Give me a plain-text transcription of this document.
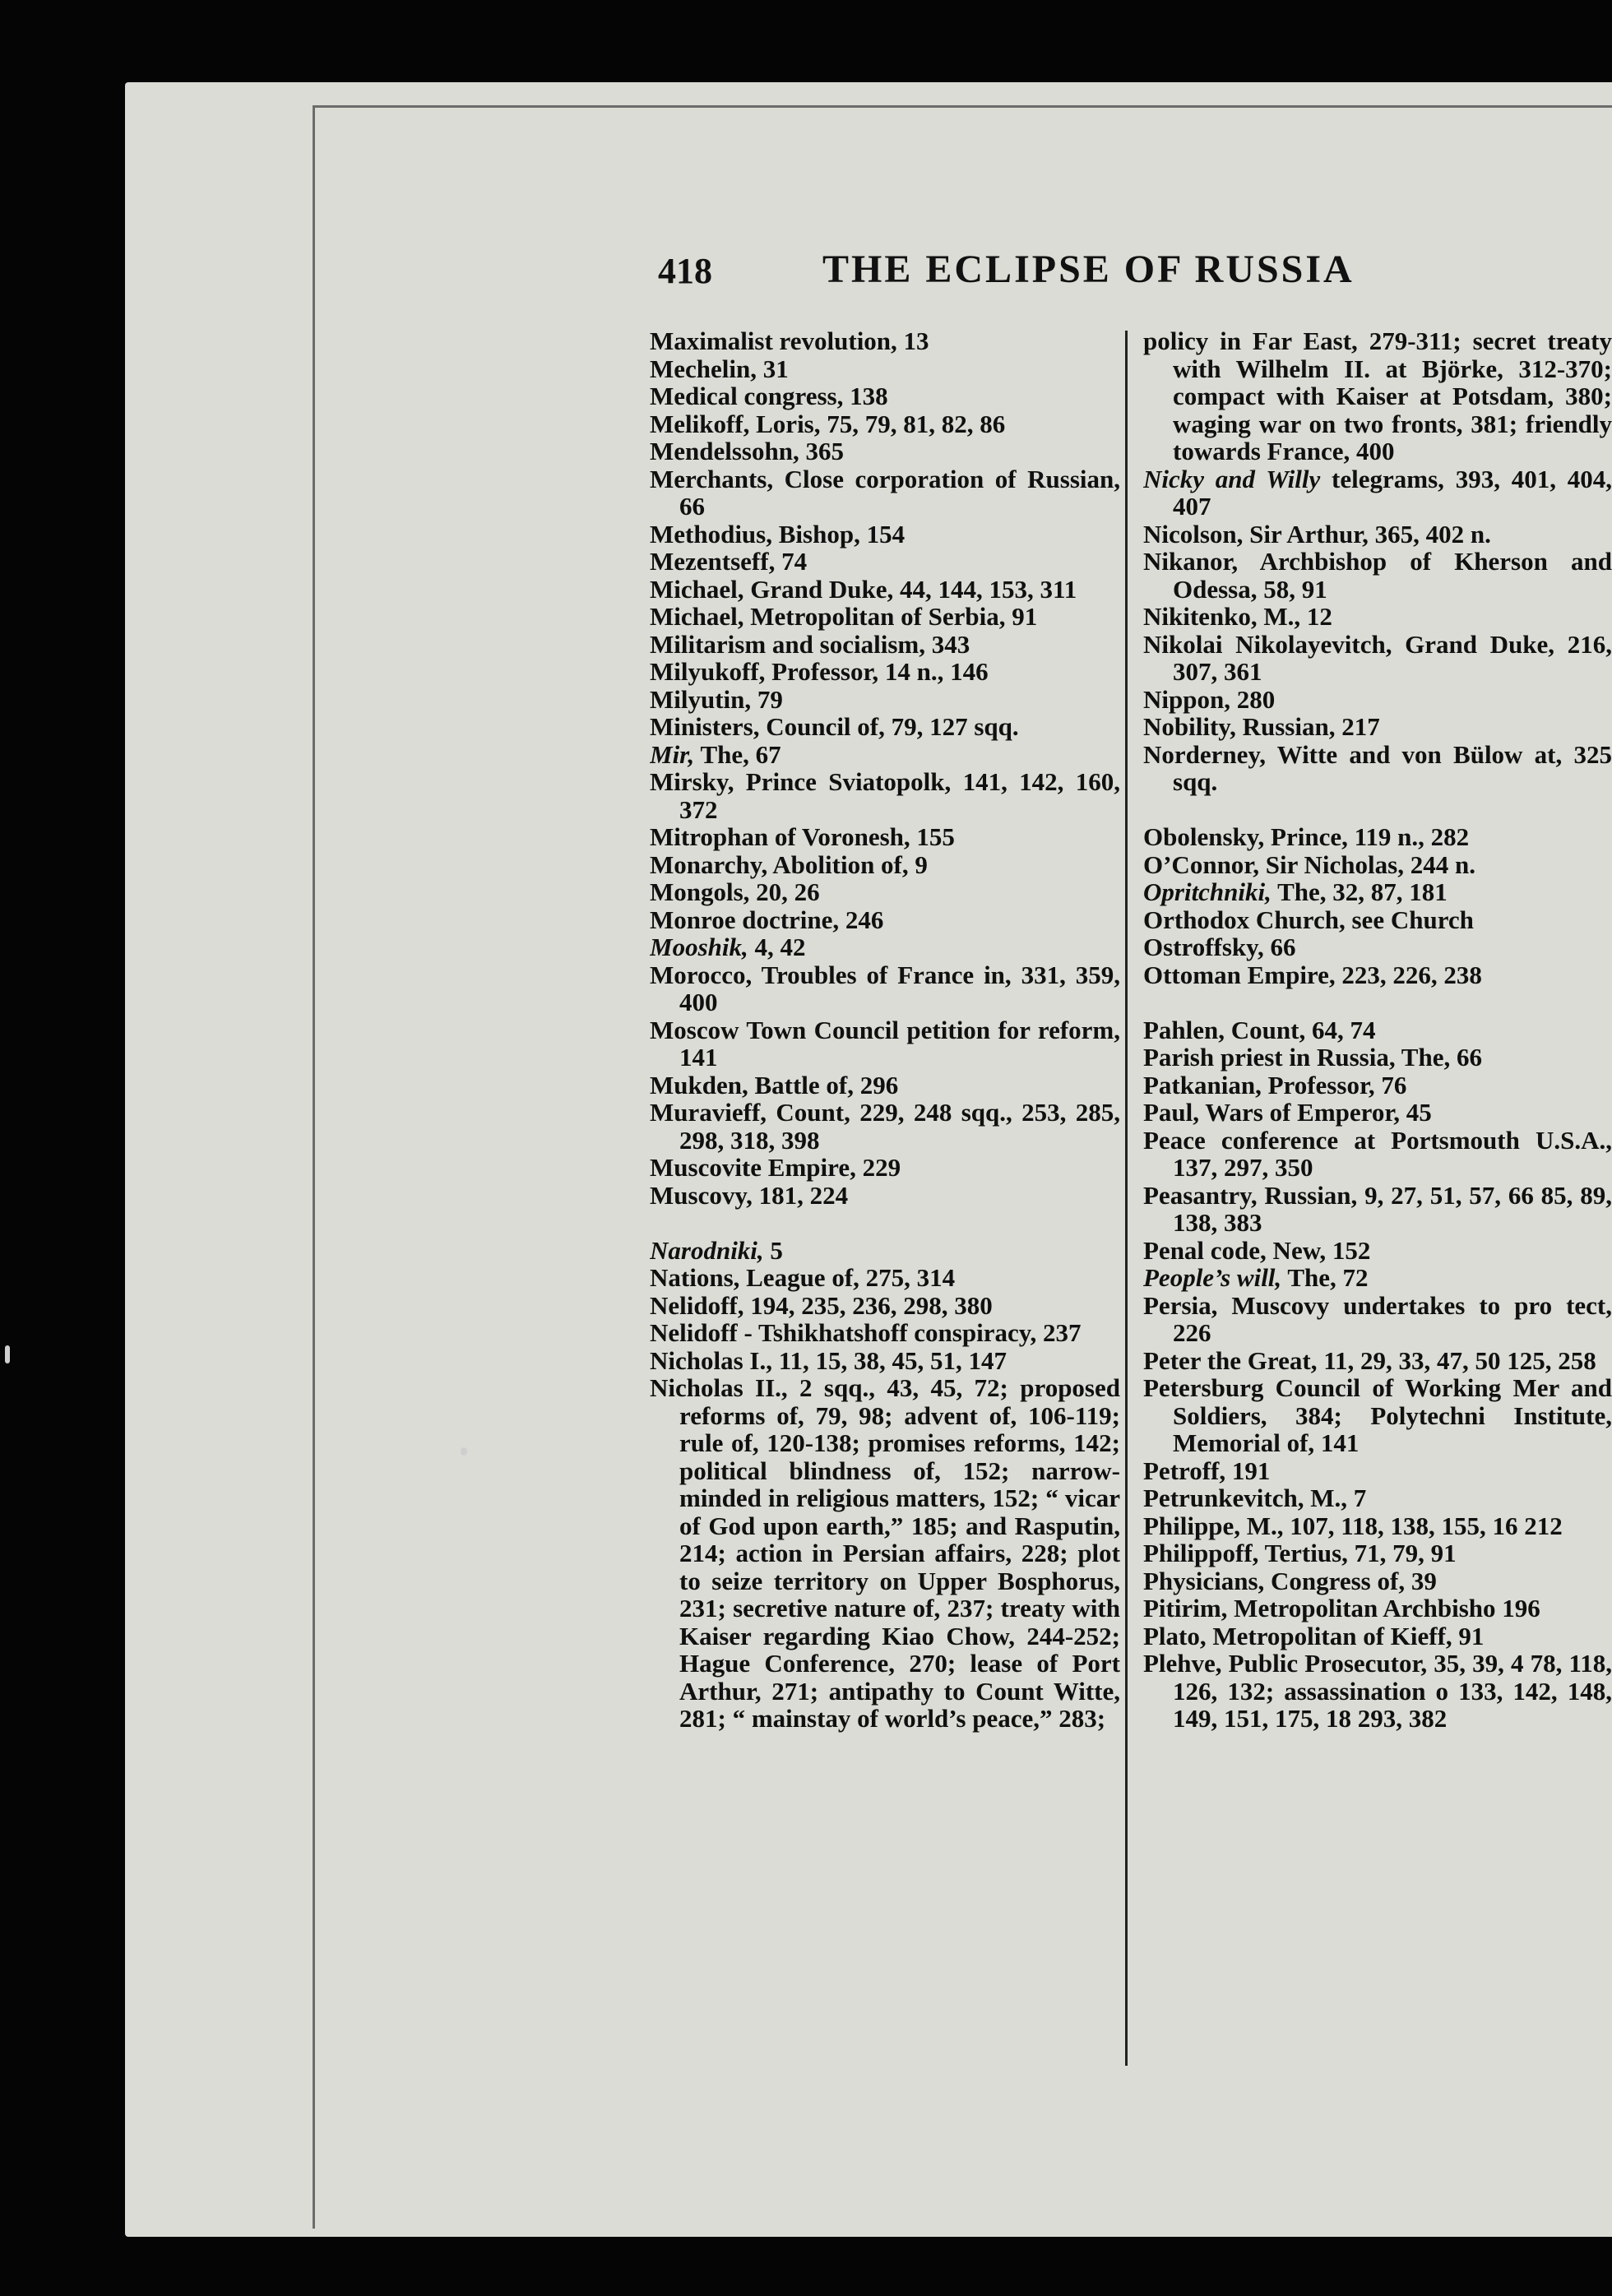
418	THE ECLIPSE OF RUSSIA

Maximalist revolution, 13

Mechelin, 31

Medical congress, 138

Melikoff, Loris, 75, 79, 81, 82, 86

Mendelssohn, 365

Merchants, Close corporation of Russian, 66

Methodius, Bishop, 154

Mezentseff, 74

Michael, Grand Duke, 44, 144, 153, 311

Michael, Metropolitan of Serbia, 91

Militarism and socialism, 343

Milyukoff, Professor, 14 n., 146

Milyutin, 79

Ministers, Council of, 79, 127 sqq.

Mir, The, 67

Mirsky, Prince Sviatopolk, 141, 142, 160, 372

Mitrophan of Voronesh, 155

Monarchy, Abolition of, 9

Mongols, 20, 26

Monroe doctrine, 246

Mooshik, 4, 42

Morocco, Troubles of France in, 331, 359, 400

Moscow Town Council petition for reform, 141

Mukden, Battle of, 296

Muravieff, Count, 229, 248 sqq., 253, 285, 298, 318, 398

Muscovite Empire, 229

Muscovy, 181, 224

Narodniki, 5

Nations, League of, 275, 314

Nelidoff, 194, 235, 236, 298, 380

Nelidoff - Tshikhatshoff conspiracy, 237

Nicholas I., 11, 15, 38, 45, 51, 147

Nicholas II., 2 sqq., 43, 45, 72; proposed reforms of, 79, 98; advent of, 106-119; rule of, 120-138; promises reforms, 142; political blindness of, 152; narrow-minded in religious matters, 152; “ vicar of God upon earth,” 185; and Rasputin, 214; action in Persian affairs, 228; plot to seize territory on Upper Bosphorus, 231; secretive nature of, 237; treaty with Kaiser regarding Kiao Chow, 244-252; Hague Conference, 270; lease of Port Arthur, 271; antipathy to Count Witte, 281; “ mainstay of world’s peace,” 283;

policy in Far East, 279-311; secret treaty with Wilhelm II. at Björke, 312-370; compact with Kaiser at Potsdam, 380; waging war on two fronts, 381; friendly towards France, 400

Nicky and Willy telegrams, 393, 401, 404, 407

Nicolson, Sir Arthur, 365, 402 n.

Nikanor, Archbishop of Kherson and Odessa, 58, 91

Nikitenko, M., 12

Nikolai Nikolayevitch, Grand Duke, 216, 307, 361

Nippon, 280

Nobility, Russian, 217

Norderney, Witte and von Bülow at, 325 sqq.

Obolensky, Prince, 119 n., 282

O’Connor, Sir Nicholas, 244 n.

Opritchniki, The, 32, 87, 181

Orthodox Church, see Church

Ostroffsky, 66

Ottoman Empire, 223, 226, 238

Pahlen, Count, 64, 74

Parish priest in Russia, The, 66

Patkanian, Professor, 76

Paul, Wars of Emperor, 45

Peace conference at Portsmouth U.S.A., 137, 297, 350

Peasantry, Russian, 9, 27, 51, 57, 66 85, 89, 138, 383

Penal code, New, 152

People’s will, The, 72

Persia, Muscovy undertakes to pro tect, 226

Peter the Great, 11, 29, 33, 47, 50 125, 258

Petersburg Council of Working Mer and Soldiers, 384; Polytechni Institute, Memorial of, 141

Petroff, 191

Petrunkevitch, M., 7

Philippe, M., 107, 118, 138, 155, 16 212

Philippoff, Tertius, 71, 79, 91

Physicians, Congress of, 39

Pitirim, Metropolitan Archbisho 196

Plato, Metropolitan of Kieff, 91

Plehve, Public Prosecutor, 35, 39, 4 78, 118, 126, 132; assassination o 133, 142, 148, 149, 151, 175, 18 293, 382
